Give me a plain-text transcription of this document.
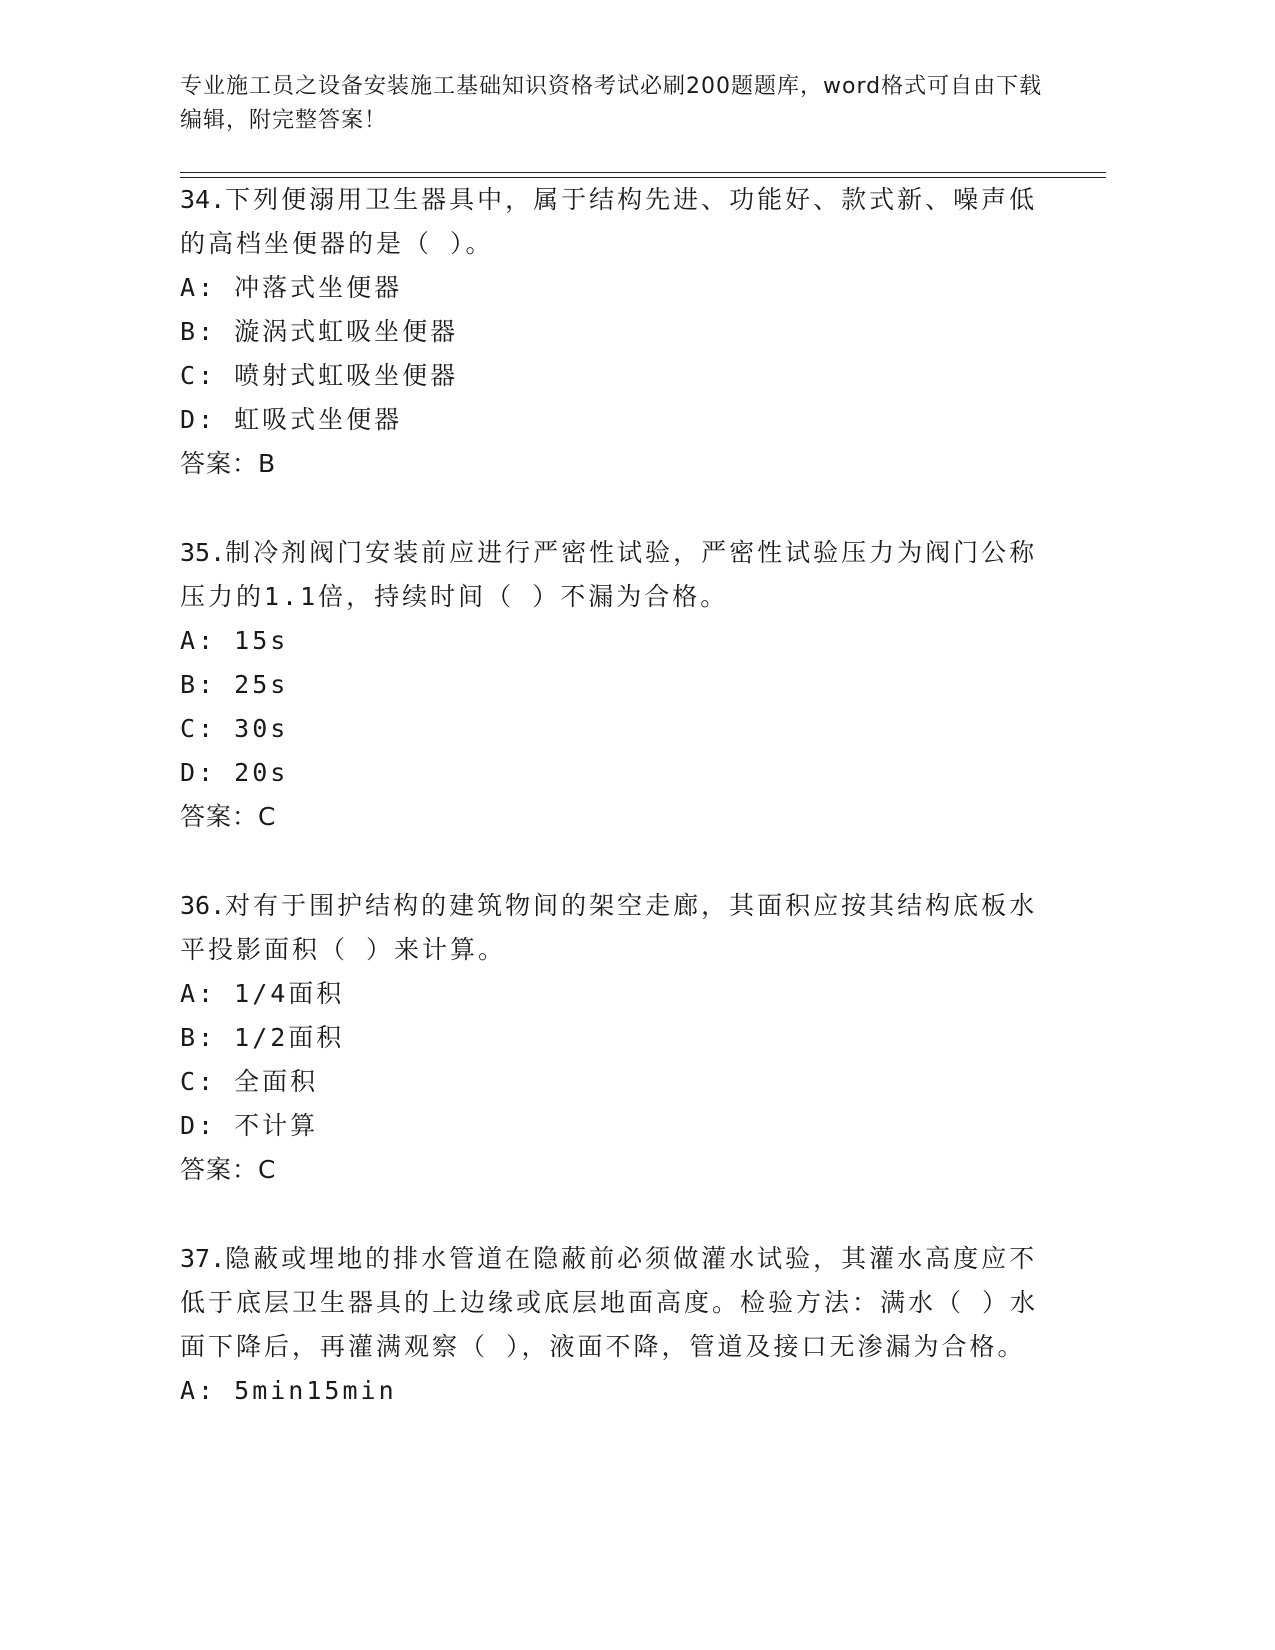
专业施工员之设备安装施工基础知识资格考试必刷200题题库，word格式可自由下载编辑，附完整答案！
34.下列便溺用卫生器具中，属于结构先进、功能好、款式新、噪声低的高档坐便器的是（ ）。
A: 冲落式坐便器
B: 漩涡式虹吸坐便器
C: 喷射式虹吸坐便器
D: 虹吸式坐便器
答案：B
35.制冷剂阀门安装前应进行严密性试验，严密性试验压力为阀门公称压力的1.1倍，持续时间（ ）不漏为合格。
A: 15s
B: 25s
C: 30s
D: 20s
答案：C
36.对有于围护结构的建筑物间的架空走廊，其面积应按其结构底板水平投影面积（ ）来计算。
A: 1/4面积
B: 1/2面积
C: 全面积
D: 不计算
答案：C
37.隐蔽或埋地的排水管道在隐蔽前必须做灌水试验，其灌水高度应不低于底层卫生器具的上边缘或底层地面高度。检验方法：满水（ ）水面下降后，再灌满观察（ ），液面不降，管道及接口无渗漏为合格。
A: 5min15min
